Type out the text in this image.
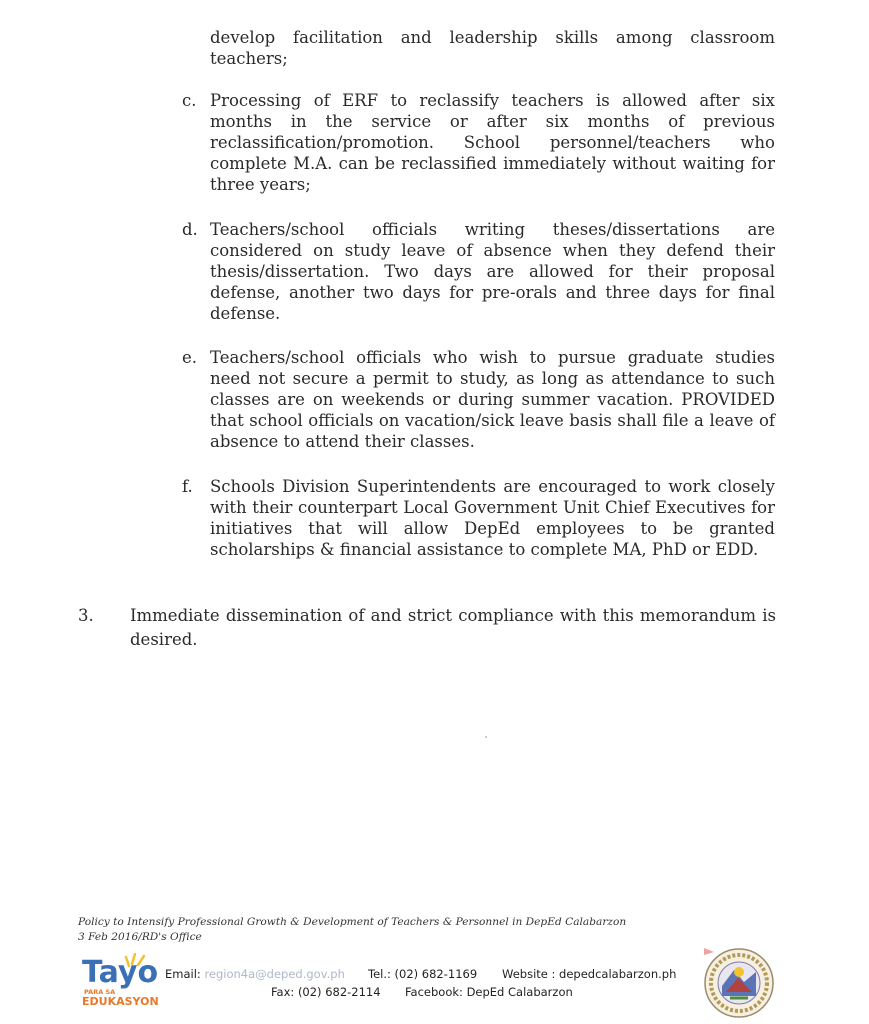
develop facilitation and leadership skills among classroom teachers;
c. Processing of ERF to reclassify teachers is allowed after six months in the service or after six months of previous reclassification/promotion. School personnel/teachers who complete M.A. can be reclassified immediately without waiting for three years;
d. Teachers/school officials writing theses/dissertations are considered on study leave of absence when they defend their thesis/dissertation. Two days are allowed for their proposal defense, another two days for pre-orals and three days for final defense.
e. Teachers/school officials who wish to pursue graduate studies need not secure a permit to study, as long as attendance to such classes are on weekends or during summer vacation. PROVIDED that school officials on vacation/sick leave basis shall file a leave of absence to attend their classes.
f. Schools Division Superintendents are encouraged to work closely with their counterpart Local Government Unit Chief Executives for initiatives that will allow DepEd employees to be granted scholarships & financial assistance to complete MA, PhD or EDD.
3. Immediate dissemination of and strict compliance with this memorandum is desired.
Policy to Intensify Professional Growth & Development of Teachers & Personnel in DepEd Calabarzon
3 Feb 2016/RD's Office
Tayo
PARA SA
EDUKASYON
Email: region4a@deped.gov.ph Tel.: (02) 682-1169 Website : depedcalabarzon.ph
Fax: (02) 682-2114 Facebook: DepEd Calabarzon
